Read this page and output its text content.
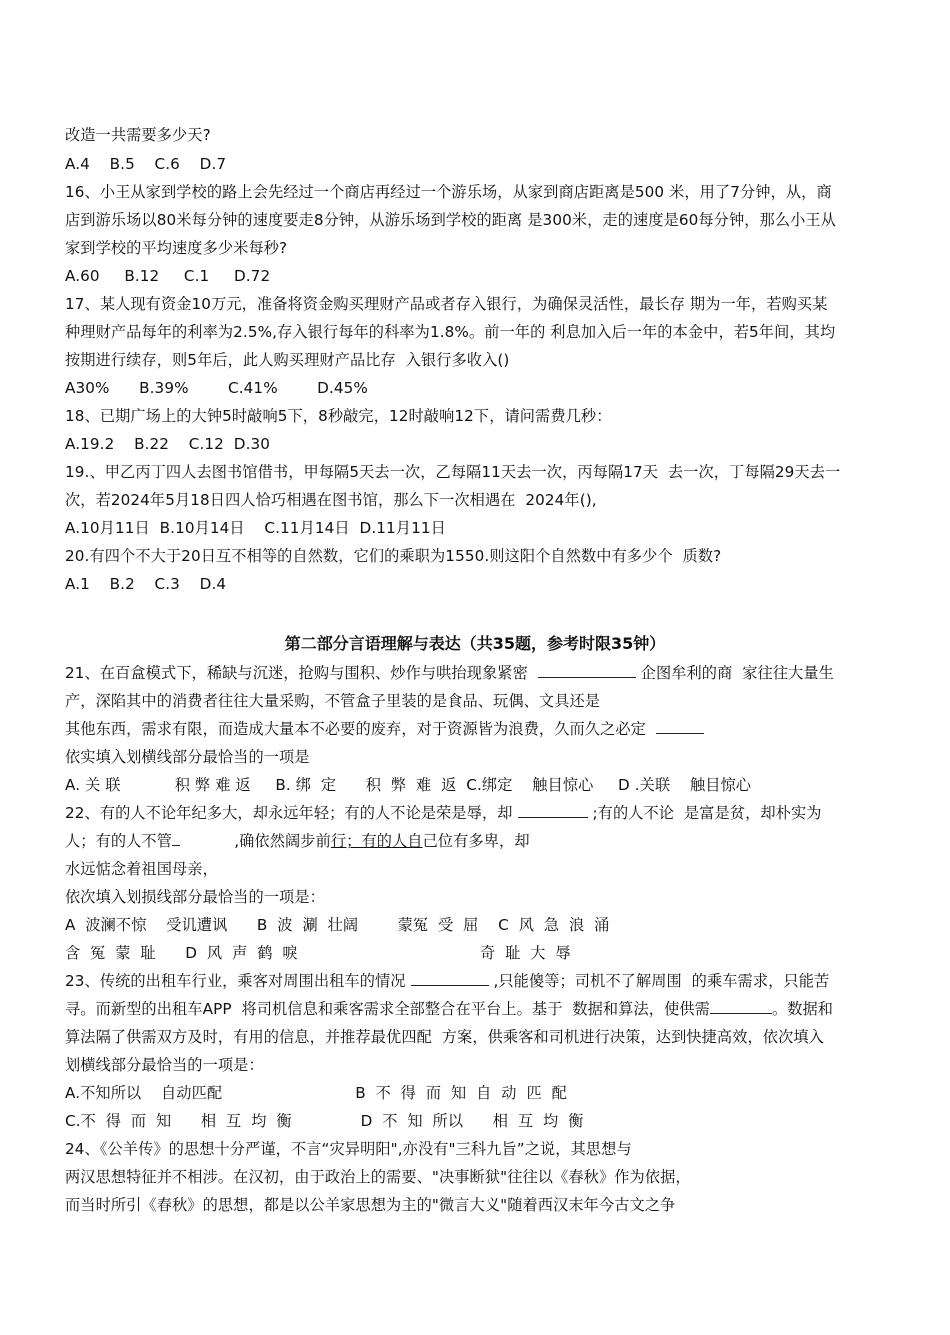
改造一共需要多少天?
A.4    B.5    C.6    D.7
16、小王从家到学校的路上会先经过一个商店再经过一个游乐场，从家到商店距离是500 米，用了7分钟，从，商
店到游乐场以80米每分钟的速度要走8分钟，从游乐场到学校的距离 是300米，走的速度是60每分钟，那么小王从
家到学校的平均速度多少米每秒?
A.60     B.12     C.1     D.72
17、某人现有资金10万元，准备将资金购买理财产品或者存入银行，为确保灵活性，最长存 期为一年，若购买某
种理财产品每年的利率为2.5%,存入银行每年的科率为1.8%。前一年的 利息加入后一年的本金中，若5年间，其均
按期进行续存，则5年后，此人购买理财产品比存  入银行多收入()
A30%      B.39%        C.41%        D.45%
18、已期广场上的大钟5时敲响5下，8秒敲完，12时敲响12下，请问需费几秒：
A.19.2    B.22    C.12  D.30
19.、甲乙丙丁四人去图书馆借书，甲每隔5天去一次，乙每隔11天去一次，丙每隔17天  去一次，丁每隔29天去一
次，若2024年5月18日四人恰巧相遇在图书馆，那么下一次相遇在  2024年(),
A.10月11日  B.10月14日    C.11月14日  D.11月11日
20.有四个不大于20日互不相等的自然数，它们的乘职为1550.则这阳个自然数中有多少个  质数?
A.1    B.2    C.3    D.4
第二部分言语理解与表达（共35题，参考时限35钟）
21、在百盒模式下，稀缺与沉迷，抢购与围积、炒作与哄抬现象紧密	企图牟利的商  家往往大量生
产，深陷其中的消费者往往大量采购，不管盒子里装的是食品、玩偶、文具还是
其他东西，需求有限，而造成大量本不必要的废弃，对于资源皆为浪费，久而久之必定
依实填入划横线部分最恰当的一项是
A. 关 联           积 弊 难 返     B. 绑  定      积  弊  难  返  C.绑定    触目惊心     D .关联    触目惊心
22、有的人不论年纪多大，却永远年轻；有的人不论是荣是辱，却	;有的人不论  是富是贫，却朴实为
人；有的人不管           ,确依然阔步前行；有的人自己位有多卑，却
水远惦念着祖国母亲，
依次填入划损线部分最恰当的一项是：
A  波澜不惊    受讥遭讽      B  波  涮  壮阔        蒙冤  受  屈    C  风  急  浪  涌
含  冤  蒙  耻      D  风  声  鹤  唳                                     奇  耻  大  辱
23、传统的出租车行业，乘客对周围出租车的情况	,只能傻等；司机不了解周围  的乘车需求，只能苦
寻。而新型的出租车APP  将司机信息和乘客需求全部整合在平台上。基于  数据和算法，使供需	。数据和
算法隔了供需双方及时，有用的信息，并推荐最优四配  方案，供乘客和司机进行决策，达到快捷高效，依次填入
划横线部分最恰当的一项是：
A.不知所以    自动匹配                           B  不  得  而  知  自  动  匹  配
C.不  得  而  知      相  互  均  衡              D  不  知  所以      相  互  均  衡
24、《公羊传》的思想十分严谨，不言“灾异明阳",亦没有"三科九旨”之说，其思想与
两汉思想特征并不相涉。在汉初，由于政治上的需要、"决事断狱"往往以《春秋》作为依据，
而当时所引《春秋》的思想，都是以公羊家思想为主的"微言大义"随着西汉末年今古文之争
